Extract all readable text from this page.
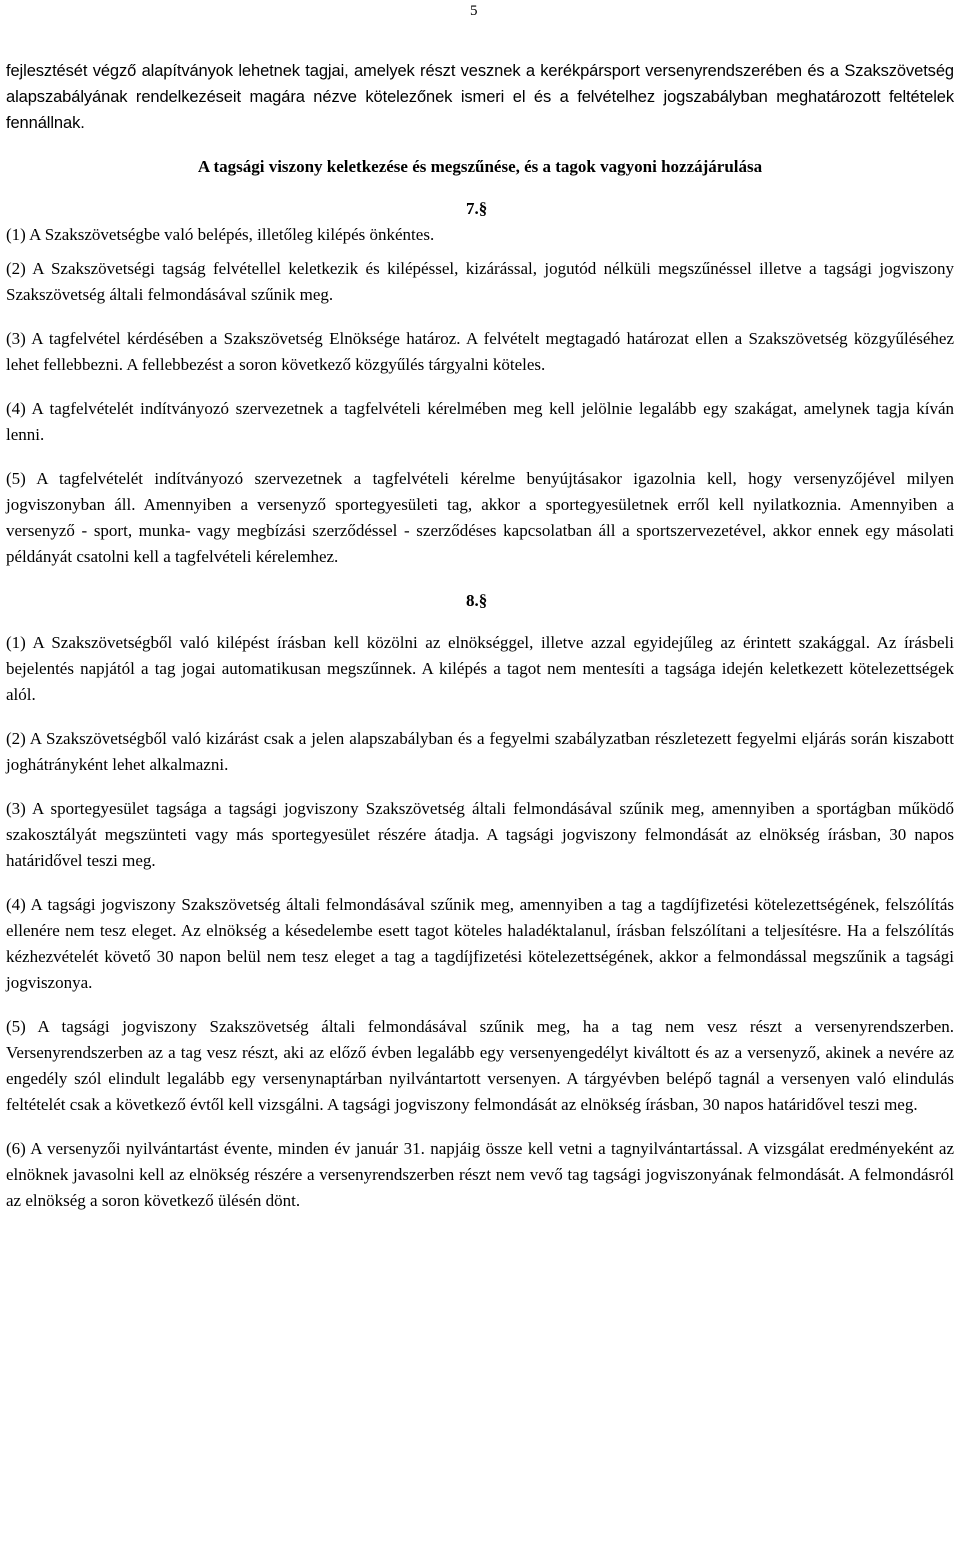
5

fejlesztését végző alapítványok lehetnek tagjai, amelyek részt vesznek a kerékpársport versenyrendszerében és a Szakszövetség alapszabályának rendelkezéseit magára nézve kötelezőnek ismeri el és a felvételhez jogszabályban meghatározott feltételek fennállnak.

A tagsági viszony keletkezése és megszűnése, és a tagok vagyoni hozzájárulása
7.§
(1) A Szakszövetségbe való belépés, illetőleg kilépés önkéntes.

(2) A Szakszövetségi tagság felvétellel keletkezik és kilépéssel, kizárással, jogutód nélküli megszűnéssel illetve a tagsági jogviszony Szakszövetség általi felmondásával szűnik meg.

(3) A tagfelvétel kérdésében a Szakszövetség Elnöksége határoz. A felvételt megtagadó határozat ellen a Szakszövetség közgyűléséhez lehet fellebbezni. A fellebbezést a soron következő közgyűlés tárgyalni köteles.

(4) A tagfelvételét indítványozó szervezetnek a tagfelvételi kérelmében meg kell jelölnie legalább egy szakágat, amelynek tagja kíván lenni.

(5) A tagfelvételét indítványozó szervezetnek a tagfelvételi kérelme benyújtásakor igazolnia kell, hogy versenyzőjével milyen jogviszonyban áll. Amennyiben a versenyző sportegyesületi tag, akkor a sportegyesületnek erről kell nyilatkoznia. Amennyiben a versenyző - sport, munka- vagy megbízási szerződéssel - szerződéses kapcsolatban áll a sportszervezetével, akkor ennek egy másolati példányát csatolni kell a tagfelvételi kérelemhez.

8.§

(1) A Szakszövetségből való kilépést írásban kell közölni az elnökséggel, illetve azzal egyidejűleg az érintett szakággal. Az írásbeli bejelentés napjától a tag jogai automatikusan megszűnnek. A kilépés a tagot nem mentesíti a tagsága idején keletkezett kötelezettségek alól.

(2) A Szakszövetségből való kizárást csak a jelen alapszabályban és a fegyelmi szabályzatban részletezett fegyelmi eljárás során kiszabott joghátrányként lehet alkalmazni.

(3) A sportegyesület tagsága a tagsági jogviszony Szakszövetség általi felmondásával szűnik meg, amennyiben a sportágban működő szakosztályát megszünteti vagy más sportegyesület részére átadja. A tagsági jogviszony felmondását az elnökség írásban, 30 napos határidővel teszi meg.

(4) A tagsági jogviszony Szakszövetség általi felmondásával szűnik meg, amennyiben a tag a tagdíjfizetési kötelezettségének, felszólítás ellenére nem tesz eleget. Az elnökség a késedelembe esett tagot köteles haladéktalanul, írásban felszólítani a teljesítésre. Ha a felszólítás kézhezvételét követő 30 napon belül nem tesz eleget a tag a tagdíjfizetési kötelezettségének, akkor a felmondással megszűnik a tagsági jogviszonya.

(5) A tagsági jogviszony Szakszövetség általi felmondásával szűnik meg, ha a tag nem vesz részt a versenyrendszerben. Versenyrendszerben az a tag vesz részt, aki az előző évben legalább egy versenyengedélyt kiváltott és az a versenyző, akinek a nevére az engedély szól elindult legalább egy versenynaptárban nyilvántartott versenyen. A tárgyévben belépő tagnál a versenyen való elindulás feltételét csak a következő évtől kell vizsgálni. A tagsági jogviszony felmondását az elnökség írásban, 30 napos határidővel teszi meg.

(6) A versenyzői nyilvántartást évente, minden év január 31. napjáig össze kell vetni a tagnyilvántartással. A vizsgálat eredményeként az elnöknek javasolni kell az elnökség részére a versenyrendszerben részt nem vevő tag tagsági jogviszonyának felmondását. A felmondásról az elnökség a soron következő ülésén dönt.
